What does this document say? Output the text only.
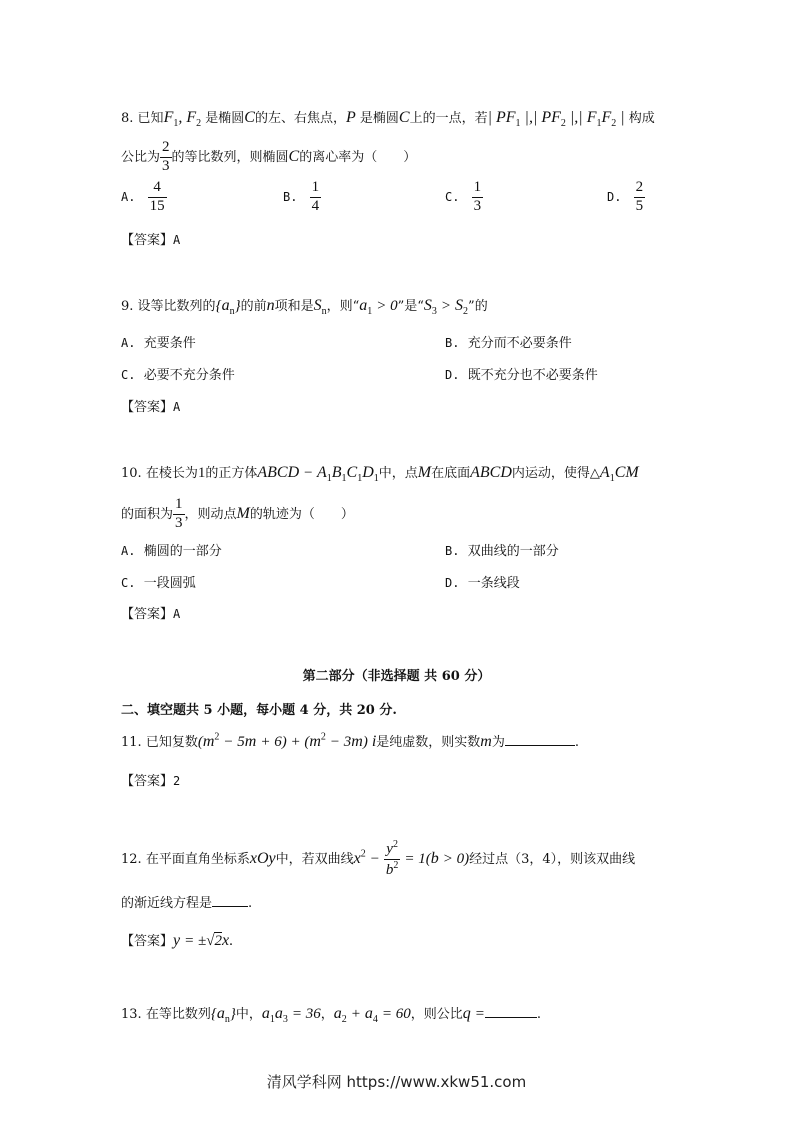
8. 已知$F_1$, $F_2$ 是椭圆C的左、右焦点，P 是椭圆C上的一点，若| $PF_1$ |,| $PF_2$ |,| $F_1F_2$ | 构成
公比为 $\frac{2}{3}$ 的等比数列，则椭圆C的离心率为（　　）
A. $\frac{4}{15}$	B. $\frac{1}{4}$	C. $\frac{1}{3}$	D. $\frac{2}{5}$
【答案】A
9. 设等比数列的$\{a_n\}$的前n项和是$S_n$，则“$a_1 > 0$”是“$S_3 > S_2$”的
A. 充要条件	B. 充分而不必要条件
C. 必要不充分条件	D. 既不充分也不必要条件
【答案】A
10. 在棱长为1的正方体ABCD − $A_1B_1C_1D_1$中，点M在底面ABCD内运动，使得$\triangle A_1CM$
的面积为 $\frac{1}{3}$ ，则动点M的轨迹为（　　）
A. 椭圆的一部分	B. 双曲线的一部分
C. 一段圆弧	D. 一条线段
【答案】A
第二部分（非选择题 共 60 分）
二、填空题共 5 小题，每小题 4 分，共 20 分.
11. 已知复数$(m^2 - 5m + 6) + (m^2 - 3m)$ i是纯虚数，则实数m为	.
【答案】2
12. 在平面直角坐标系xOy中，若双曲线$x^2 - \frac{y^2}{b^2} = 1(b > 0)$经过点（3，4），则该双曲线
的渐近线方程是	.
【答案】y = ±√2x.
13. 在等比数列$\{a_n\}$中，$a_1a_3 = 36$，$a_2 + a_4 = 60$，则公比q =	.
清风学科网 https://www.xkw51.com
